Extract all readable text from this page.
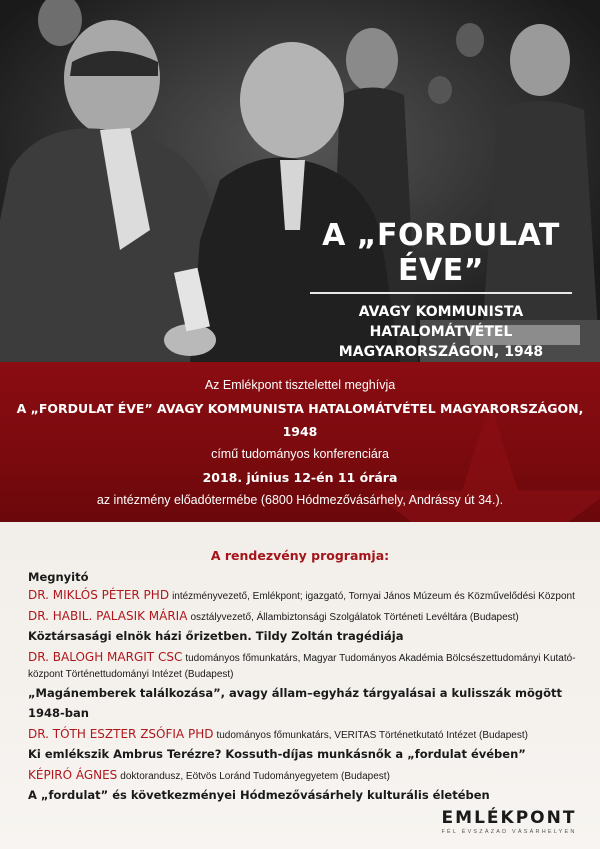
A „FORDULAT ÉVE”
AVAGY KOMMUNISTA HATALOMÁTVÉTEL
MAGYARORSZÁGON, 1948
Az Emlékpont tisztelettel meghívja
A „FORDULAT ÉVE” AVAGY KOMMUNISTA HATALOMÁTVÉTEL MAGYARORSZÁGON, 1948
című tudományos konferenciára
2018. június 12-én 11 órára
az intézmény előadótermébe (6800 Hódmezővásárhely, Andrássy út 34.).
A rendezvény programja:
Megnyitó
DR. MIKLÓS PÉTER PHD intézményvezető, Emlékpont; igazgató, Tornyai János Múzeum és Közművelődési Központ
DR. HABIL. PALASIK MÁRIA osztályvezető, Állambiztonsági Szolgálatok Történeti Levéltára (Budapest)
Köztársasági elnök házi őrizetben. Tildy Zoltán tragédiája
DR. BALOGH MARGIT CSC tudományos főmunkatárs, Magyar Tudományos Akadémia Bölcsészettudományi Kutató-
központ Történettudományi Intézet (Budapest)
„Magánemberek találkozása”, avagy állam–egyház tárgyalásai a kulisszák mögött 1948-ban
DR. TÓTH ESZTER ZSÓFIA PHD tudományos főmunkatárs, VERITAS Történetkutató Intézet (Budapest)
Ki emlékszik Ambrus Terézre? Kossuth-díjas munkásnők a „fordulat évében”
KÉPIRÓ ÁGNES doktorandusz, Eötvös Loránd Tudományegyetem (Budapest)
A „fordulat” és következményei Hódmezővásárhely kulturális életében
EMLÉKPONT
FÉL ÉVSZÁZAD VÁSÁRHELYEN
